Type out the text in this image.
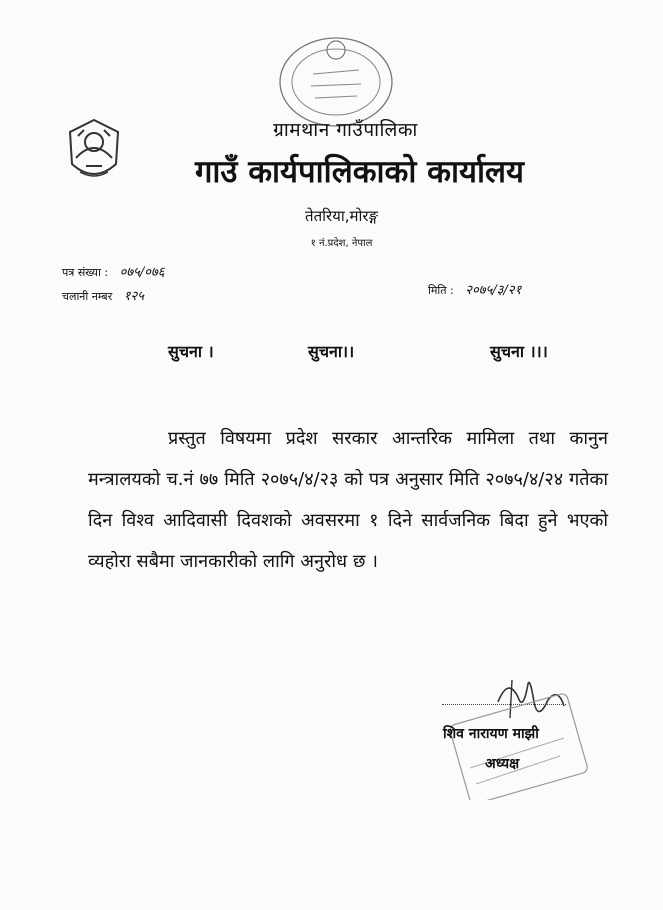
ग्रामथान गाउँपालिका
गाउँ कार्यपालिकाको कार्यालय
तेतरिया,मोरङ्ग
१ नं.प्रदेश, नेपाल
पत्र संख्या : ०७५/०७६
चलानी नम्बर १२५	मिति : २०७५/३/२१
सुचना ।	सुचना।।	सुचना ।।।
प्रस्तुत विषयमा प्रदेश सरकार आन्तरिक मामिला तथा कानुन मन्त्रालयको च.नं ७७ मिति २०७५/४/२३ को पत्र अनुसार मिति २०७५/४/२४ गतेका दिन विश्व आदिवासी दिवशको अवसरमा १ दिने सार्वजनिक बिदा हुने भएको व्यहोरा सबैमा जानकारीको लागि अनुरोध छ ।
शिव नारायण माझी
अध्यक्ष
